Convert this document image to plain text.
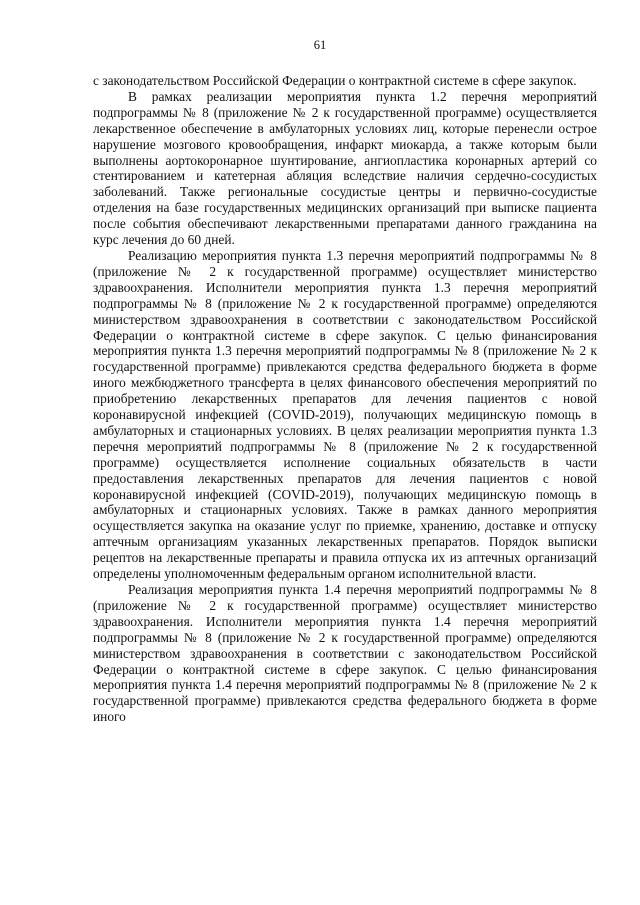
61

с законодательством Российской Федерации о контрактной системе в сфере закупок.

В рамках реализации мероприятия пункта 1.2 перечня мероприятий подпрограммы № 8 (приложение № 2 к государственной программе) осуществляется лекарственное обеспечение в амбулаторных условиях лиц, которые перенесли острое нарушение мозгового кровообращения, инфаркт миокарда, а также которым были выполнены аортокоронарное шунтирование, ангиопластика коронарных артерий со стентированием и катетерная абляция вследствие наличия сердечно-сосудистых заболеваний. Также региональные сосудистые центры и первично-сосудистые отделения на базе государственных медицинских организаций при выписке пациента после события обеспечивают лекарственными препаратами данного гражданина на курс лечения до 60 дней.

Реализацию мероприятия пункта 1.3 перечня мероприятий подпрограммы № 8 (приложение № 2 к государственной программе) осуществляет министерство здравоохранения. Исполнители мероприятия пункта 1.3 перечня мероприятий подпрограммы № 8 (приложение № 2 к государственной программе) определяются министерством здравоохранения в соответствии с законодательством Российской Федерации о контрактной системе в сфере закупок. С целью финансирования мероприятия пункта 1.3 перечня мероприятий подпрограммы № 8 (приложение № 2 к государственной программе) привлекаются средства федерального бюджета в форме иного межбюджетного трансферта в целях финансового обеспечения мероприятий по приобретению лекарственных препаратов для лечения пациентов с новой коронавирусной инфекцией (COVID-2019), получающих медицинскую помощь в амбулаторных и стационарных условиях. В целях реализации мероприятия пункта 1.3 перечня мероприятий подпрограммы № 8 (приложение № 2 к государственной программе) осуществляется исполнение социальных обязательств в части предоставления лекарственных препаратов для лечения пациентов с новой коронавирусной инфекцией (COVID-2019), получающих медицинскую помощь в амбулаторных и стационарных условиях. Также в рамках данного мероприятия осуществляется закупка на оказание услуг по приемке, хранению, доставке и отпуску аптечным организациям указанных лекарственных препаратов. Порядок выписки рецептов на лекарственные препараты и правила отпуска их из аптечных организаций определены уполномоченным федеральным органом исполнительной власти.

Реализация мероприятия пункта 1.4 перечня мероприятий подпрограммы № 8 (приложение № 2 к государственной программе) осуществляет министерство здравоохранения. Исполнители мероприятия пункта 1.4 перечня мероприятий подпрограммы № 8 (приложение № 2 к государственной программе) определяются министерством здравоохранения в соответствии с законодательством Российской Федерации о контрактной системе в сфере закупок. С целью финансирования мероприятия пункта 1.4 перечня мероприятий подпрограммы № 8 (приложение № 2 к государственной программе) привлекаются средства федерального бюджета в форме иного
